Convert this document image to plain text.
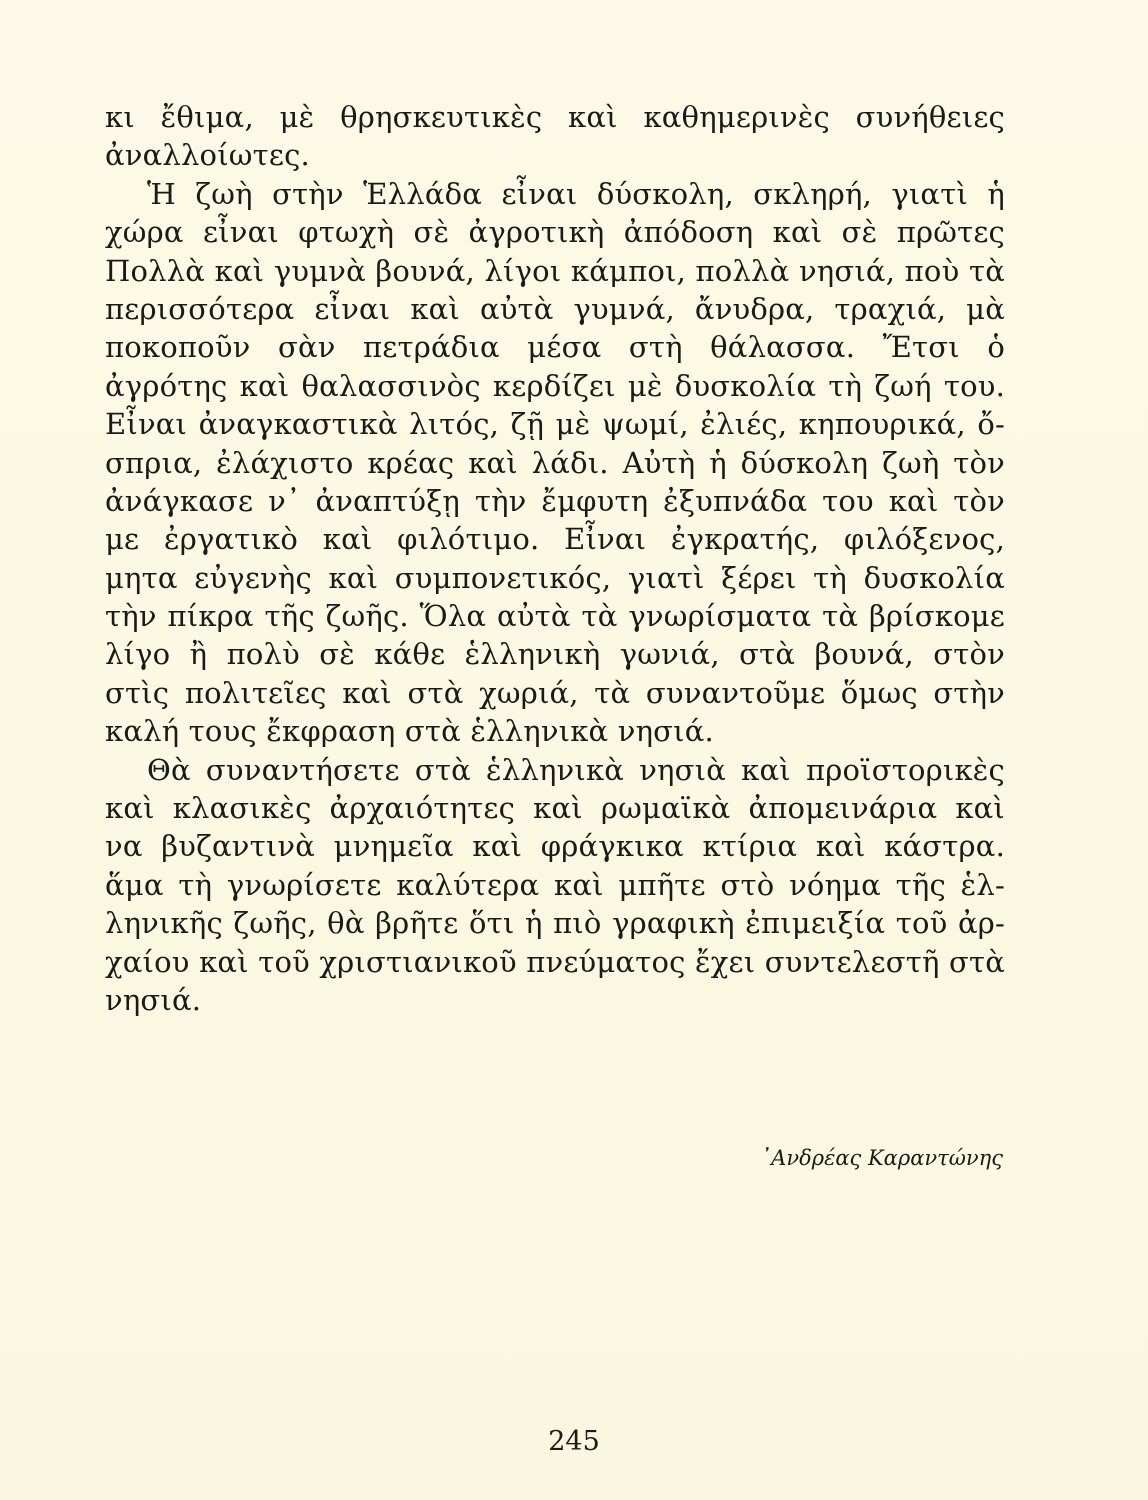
κι ἔθιμα, μὲ θρησκευτικὲς καὶ καθημερινὲς συνήθειες
ἀναλλοίωτες.
Ἡ ζωὴ στὴν Ἑλλάδα εἶναι δύσκολη, σκληρή, γιατὶ ἡ
χώρα εἶναι φτωχὴ σὲ ἀγροτικὴ ἀπόδοση καὶ σὲ πρῶτες
Πολλὰ καὶ γυμνὰ βουνά, λίγοι κάμποι, πολλὰ νησιά, ποὺ τὰ
περισσότερα εἶναι καὶ αὐτὰ γυμνά, ἄνυδρα, τραχιά, μὰ
ποκοποῦν σὰν πετράδια μέσα στὴ θάλασσα. Ἔτσι ὁ
ἀγρότης καὶ θαλασσινὸς κερδίζει μὲ δυσκολία τὴ ζωή του.
Εἶναι ἀναγκαστικὰ λιτός, ζῇ μὲ ψωμί, ἐλιές, κηπουρικά, ὄ-
σπρια, ἐλάχιστο κρέας καὶ λάδι. Αὐτὴ ἡ δύσκολη ζωὴ τὸν
ἀνάγκασε ν᾽ ἀναπτύξῃ τὴν ἔμφυτη ἐξυπνάδα του καὶ τὸν
με ἐργατικὸ καὶ φιλότιμο. Εἶναι ἐγκρατής, φιλόξενος,
μητα εὐγενὴς καὶ συμπονετικός, γιατὶ ξέρει τὴ δυσκολία
τὴν πίκρα τῆς ζωῆς. Ὅλα αὐτὰ τὰ γνωρίσματα τὰ βρίσκομε
λίγο ἢ πολὺ σὲ κάθε ἑλληνικὴ γωνιά, στὰ βουνά, στὸν
στὶς πολιτεῖες καὶ στὰ χωριά, τὰ συναντοῦμε ὅμως στὴν
καλή τους ἔκφραση στὰ ἑλληνικὰ νησιά.
Θὰ συναντήσετε στὰ ἑλληνικὰ νησιὰ καὶ προϊστορικὲς
καὶ κλασικὲς ἀρχαιότητες καὶ ρωμαϊκὰ ἀπομεινάρια καὶ
να βυζαντινὰ μνημεῖα καὶ φράγκικα κτίρια καὶ κάστρα.
ἅμα τὴ γνωρίσετε καλύτερα καὶ μπῆτε στὸ νόημα τῆς ἑλ-
ληνικῆς ζωῆς, θὰ βρῆτε ὅτι ἡ πιὸ γραφικὴ ἐπιμειξία τοῦ ἀρ-
χαίου καὶ τοῦ χριστιανικοῦ πνεύματος ἔχει συντελεστῆ στὰ
νησιά.
᾿Ανδρέας Καραντώνης
245
